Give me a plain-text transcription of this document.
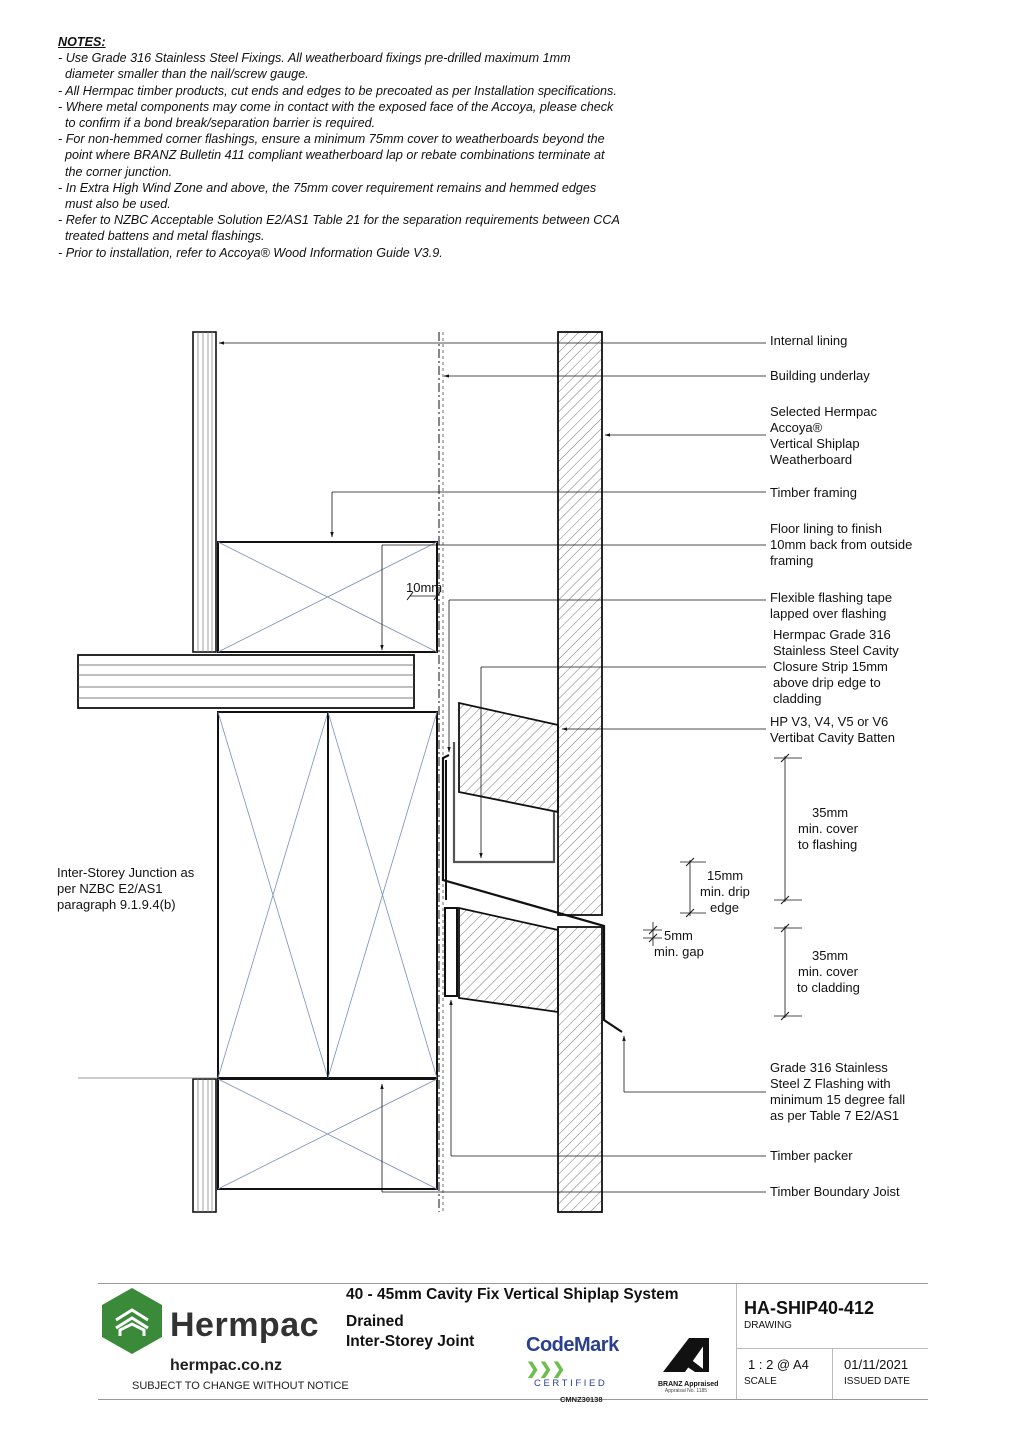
NOTES:
- Use Grade 316 Stainless Steel Fixings. All weatherboard fixings pre-drilled maximum 1mm
diameter smaller than the nail/screw gauge.
- All Hermpac timber products, cut ends and edges to be precoated as per Installation specifications.
- Where metal components may come in contact with the exposed face of the Accoya, please check
to confirm if a bond break/separation barrier is required.
- For non-hemmed corner flashings, ensure a minimum 75mm cover to weatherboards beyond the
point where BRANZ Bulletin 411 compliant weatherboard lap or rebate combinations terminate at
the corner junction.
- In Extra High Wind Zone and above, the 75mm cover requirement remains and hemmed edges
must also be used.
- Refer to NZBC Acceptable Solution E2/AS1 Table 21 for the separation requirements between CCA
treated battens and metal flashings.
- Prior to installation, refer to Accoya® Wood Information Guide V3.9.
10mm
35mm
min. cover
to flashing
15mm
min. drip
edge
5mm
min. gap	35mm
min. cover
to cladding
Internal lining
Building underlay
Selected Hermpac
Accoya®
Vertical Shiplap
Weatherboard
Timber framing
Floor lining to finish
10mm back from outside
framing
Flexible flashing tape
lapped over flashing
Hermpac Grade 316
Stainless Steel Cavity
Closure Strip 15mm
above drip edge to
cladding
HP V3, V4, V5 or V6
Vertibat Cavity Batten
Grade 316 Stainless
Steel Z Flashing with
minimum 15 degree fall
as per Table 7 E2/AS1
Timber packer
Timber Boundary Joist
Inter-Storey Junction as
per NZBC E2/AS1
paragraph 9.1.9.4(b)
Hermpac
hermpac.co.nz
SUBJECT TO CHANGE WITHOUT NOTICE
40 - 45mm Cavity Fix Vertical Shiplap System
Drained
Inter-Storey Joint	CodeMark ❯❯❯
CERTIFIED
CMNZ30138
BRANZ Appraised
Appraisal No. 1185
HA-SHIP40-412
DRAWING
1 : 2 @ A4
SCALE
01/11/2021
ISSUED DATE
